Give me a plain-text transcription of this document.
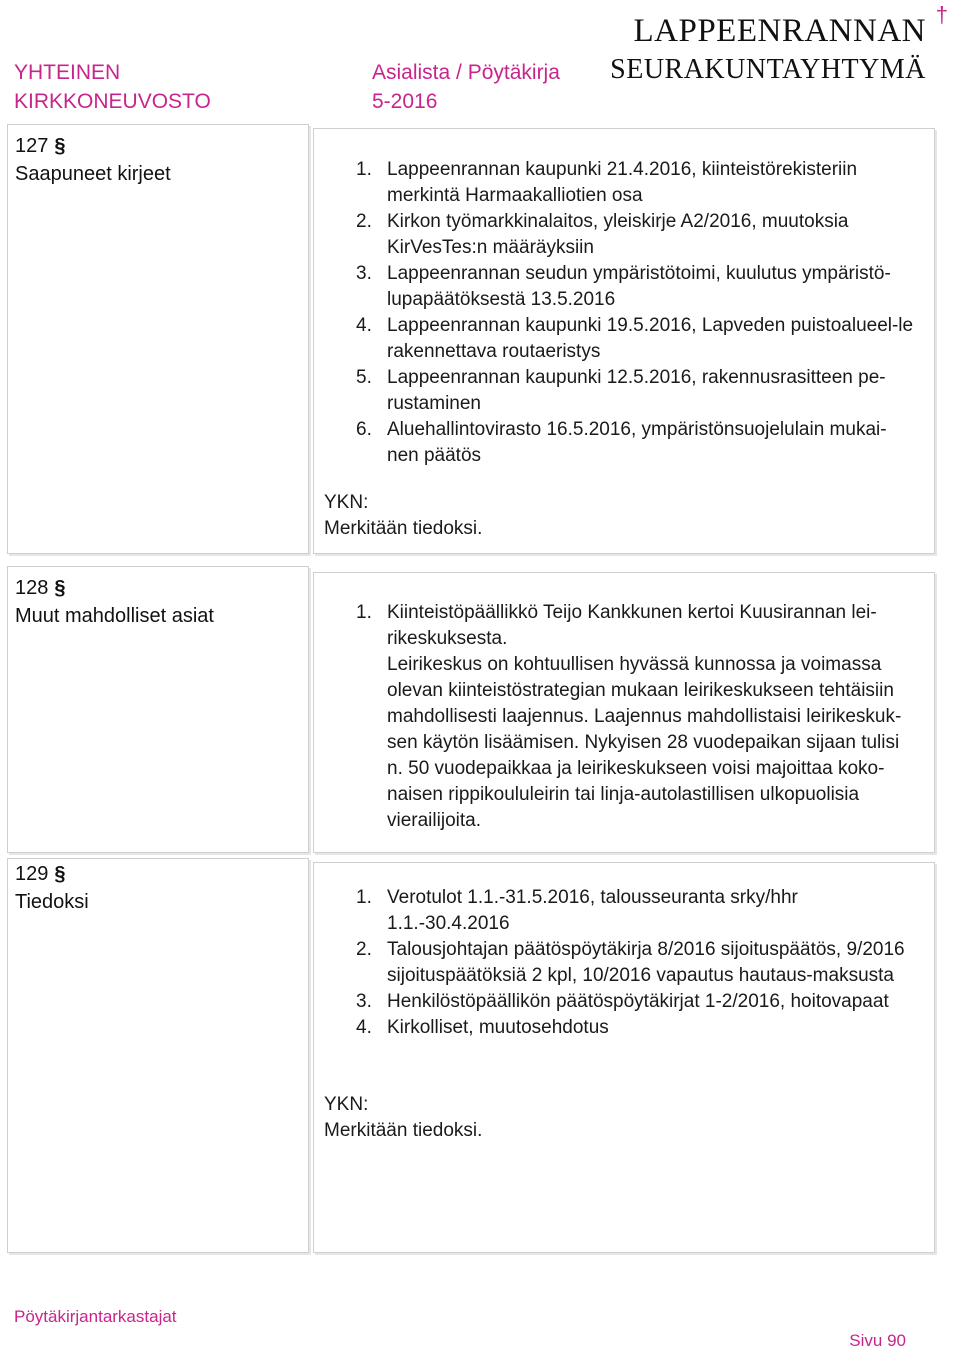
YHTEINEN
KIRKKONEUVOSTO
Asialista / Pöytäkirja
5-2016
†
LAPPEENRANNAN
SEURAKUNTAYHTYMÄ
127 §
Saapuneet kirjeet	1. Lappeenrannan kaupunki 21.4.2016, kiinteistörekisteriin merkintä Harmaakalliotien osa
2. Kirkon työmarkkinalaitos, yleiskirje A2/2016, muutoksia KirVesTes:n määräyksiin
3. Lappeenrannan seudun ympäristötoimi, kuulutus ympäristö-lupapäätöksestä 13.5.2016
4. Lappeenrannan kaupunki 19.5.2016, Lapveden puistoalueel-le rakennettava routaeristys
5. Lappeenrannan kaupunki 12.5.2016, rakennusrasitteen pe-rustaminen
6. Aluehallintovirasto 16.5.2016, ympäristönsuojelulain mukai-nen päätös
YKN:
Merkitään tiedoksi.
128 §
Muut mahdolliset asiat	1. Kiinteistöpäällikkö Teijo Kankkunen kertoi Kuusirannan lei-rikeskuksesta.
Leirikeskus on kohtuullisen hyvässä kunnossa ja voimassa olevan kiinteistöstrategian mukaan leirikeskukseen tehtäisiin mahdollisesti laajennus. Laajennus mahdollistaisi leirikeskuk-sen käytön lisäämisen. Nykyisen 28 vuodepaikan sijaan tulisi n. 50 vuodepaikkaa ja leirikeskukseen voisi majoittaa koko-naisen rippikoululeirin tai linja-autolastillisen ulkopuolisia vierailijoita.
129 §
Tiedoksi	1. Verotulot 1.1.-31.5.2016, talousseuranta srky/hhr 1.1.-30.4.2016
2. Talousjohtajan päätöspöytäkirja 8/2016 sijoituspäätös, 9/2016 sijoituspäätöksiä 2 kpl, 10/2016 vapautus hautaus-maksusta
3. Henkilöstöpäällikön päätöspöytäkirjat 1-2/2016, hoitovapaat
4. Kirkolliset, muutosehdotus
YKN:
Merkitään tiedoksi.
Pöytäkirjantarkastajat
Sivu 90
